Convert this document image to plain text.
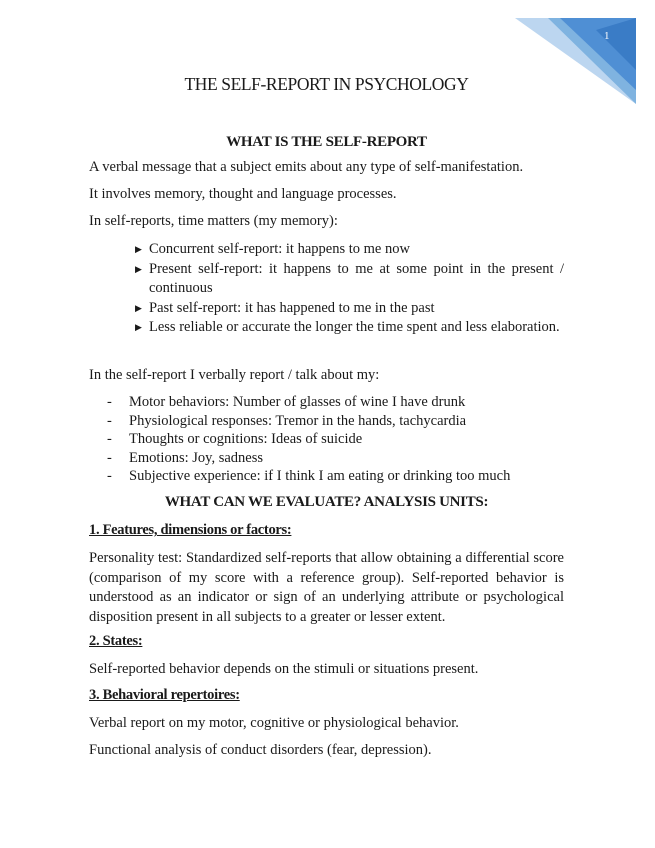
1
THE SELF-REPORT IN PSYCHOLOGY
WHAT IS THE SELF-REPORT
A verbal message that a subject emits about any type of self-manifestation.
It involves memory, thought and language processes.
In self-reports, time matters (my memory):
▶ Concurrent self-report: it happens to me now
▶ Present self-report: it happens to me at some point in the present / continuous
▶ Past self-report: it has happened to me in the past
▶ Less reliable or accurate the longer the time spent and less elaboration.
In the self-report I verbally report / talk about my:
- Motor behaviors: Number of glasses of wine I have drunk
- Physiological responses: Tremor in the hands, tachycardia
- Thoughts or cognitions: Ideas of suicide
- Emotions: Joy, sadness
- Subjective experience: if I think I am eating or drinking too much
WHAT CAN WE EVALUATE? ANALYSIS UNITS:
1. Features, dimensions or factors:
Personality test: Standardized self-reports that allow obtaining a differential score (comparison of my score with a reference group). Self-reported behavior is understood as an indicator or sign of an underlying attribute or psychological disposition present in all subjects to a greater or lesser extent.
2. States:
Self-reported behavior depends on the stimuli or situations present.
3. Behavioral repertoires:
Verbal report on my motor, cognitive or physiological behavior.
Functional analysis of conduct disorders (fear, depression).
